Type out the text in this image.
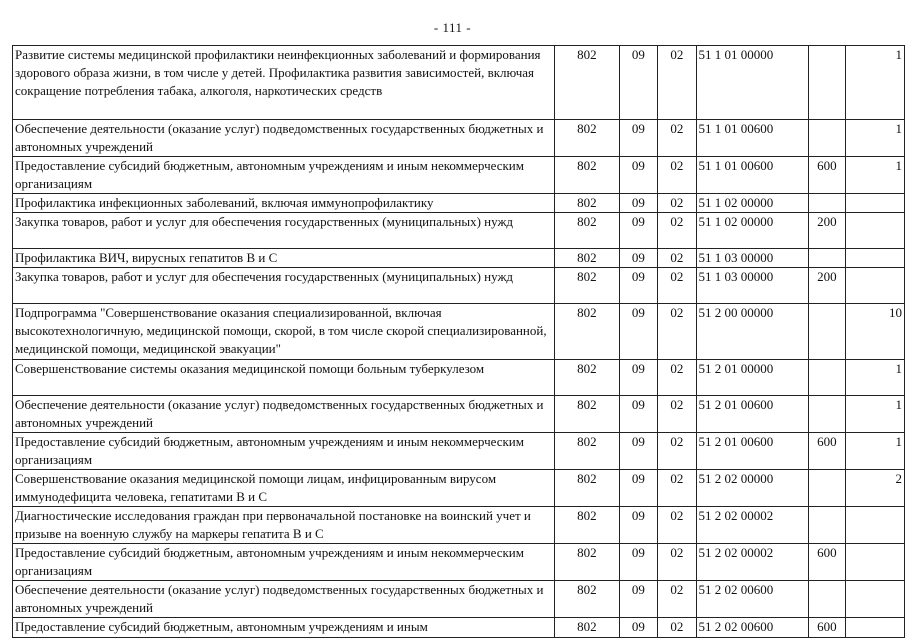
- 111 -
Развитие системы медицинской профилактики неинфекционных заболеваний и формирования здорового образа жизни, в том числе у детей. Профилактика развития зависимостей, включая сокращение потребления табака, алкоголя, наркотических средств	802	09	02	51 1 01 00000		1
Обеспечение деятельности (оказание услуг) подведомственных государственных бюджетных и автономных учреждений	802	09	02	51 1 01 00600		1
Предоставление субсидий бюджетным, автономным учреждениям и иным некоммерческим организациям	802	09	02	51 1 01 00600	600	1
Профилактика инфекционных заболеваний, включая иммунопрофилактику	802	09	02	51 1 02 00000		
Закупка товаров, работ и услуг для обеспечения государственных (муниципальных) нужд	802	09	02	51 1 02 00000	200	
Профилактика ВИЧ, вирусных гепатитов В и С	802	09	02	51 1 03 00000		
Закупка товаров, работ и услуг для обеспечения государственных (муниципальных) нужд	802	09	02	51 1 03 00000	200	
Подпрограмма "Совершенствование оказания специализированной, включая высокотехнологичную, медицинской помощи, скорой, в том числе скорой специализированной, медицинской помощи, медицинской эвакуации"	802	09	02	51 2 00 00000		10
Совершенствование системы оказания медицинской помощи больным туберкулезом	802	09	02	51 2 01 00000		1
Обеспечение деятельности (оказание услуг) подведомственных государственных бюджетных и автономных учреждений	802	09	02	51 2 01 00600		1
Предоставление субсидий бюджетным, автономным учреждениям и иным некоммерческим организациям	802	09	02	51 2 01 00600	600	1
Совершенствование оказания медицинской помощи лицам, инфицированным вирусом иммунодефицита человека, гепатитами В и С	802	09	02	51 2 02 00000		2
Диагностические исследования граждан при первоначальной постановке на воинский учет и призыве на военную службу на маркеры гепатита В и С	802	09	02	51 2 02 00002		
Предоставление субсидий бюджетным, автономным учреждениям и иным некоммерческим организациям	802	09	02	51 2 02 00002	600	
Обеспечение деятельности (оказание услуг) подведомственных государственных бюджетных и автономных учреждений	802	09	02	51 2 02 00600		
Предоставление субсидий бюджетным, автономным учреждениям и иным	802	09	02	51 2 02 00600	600	
